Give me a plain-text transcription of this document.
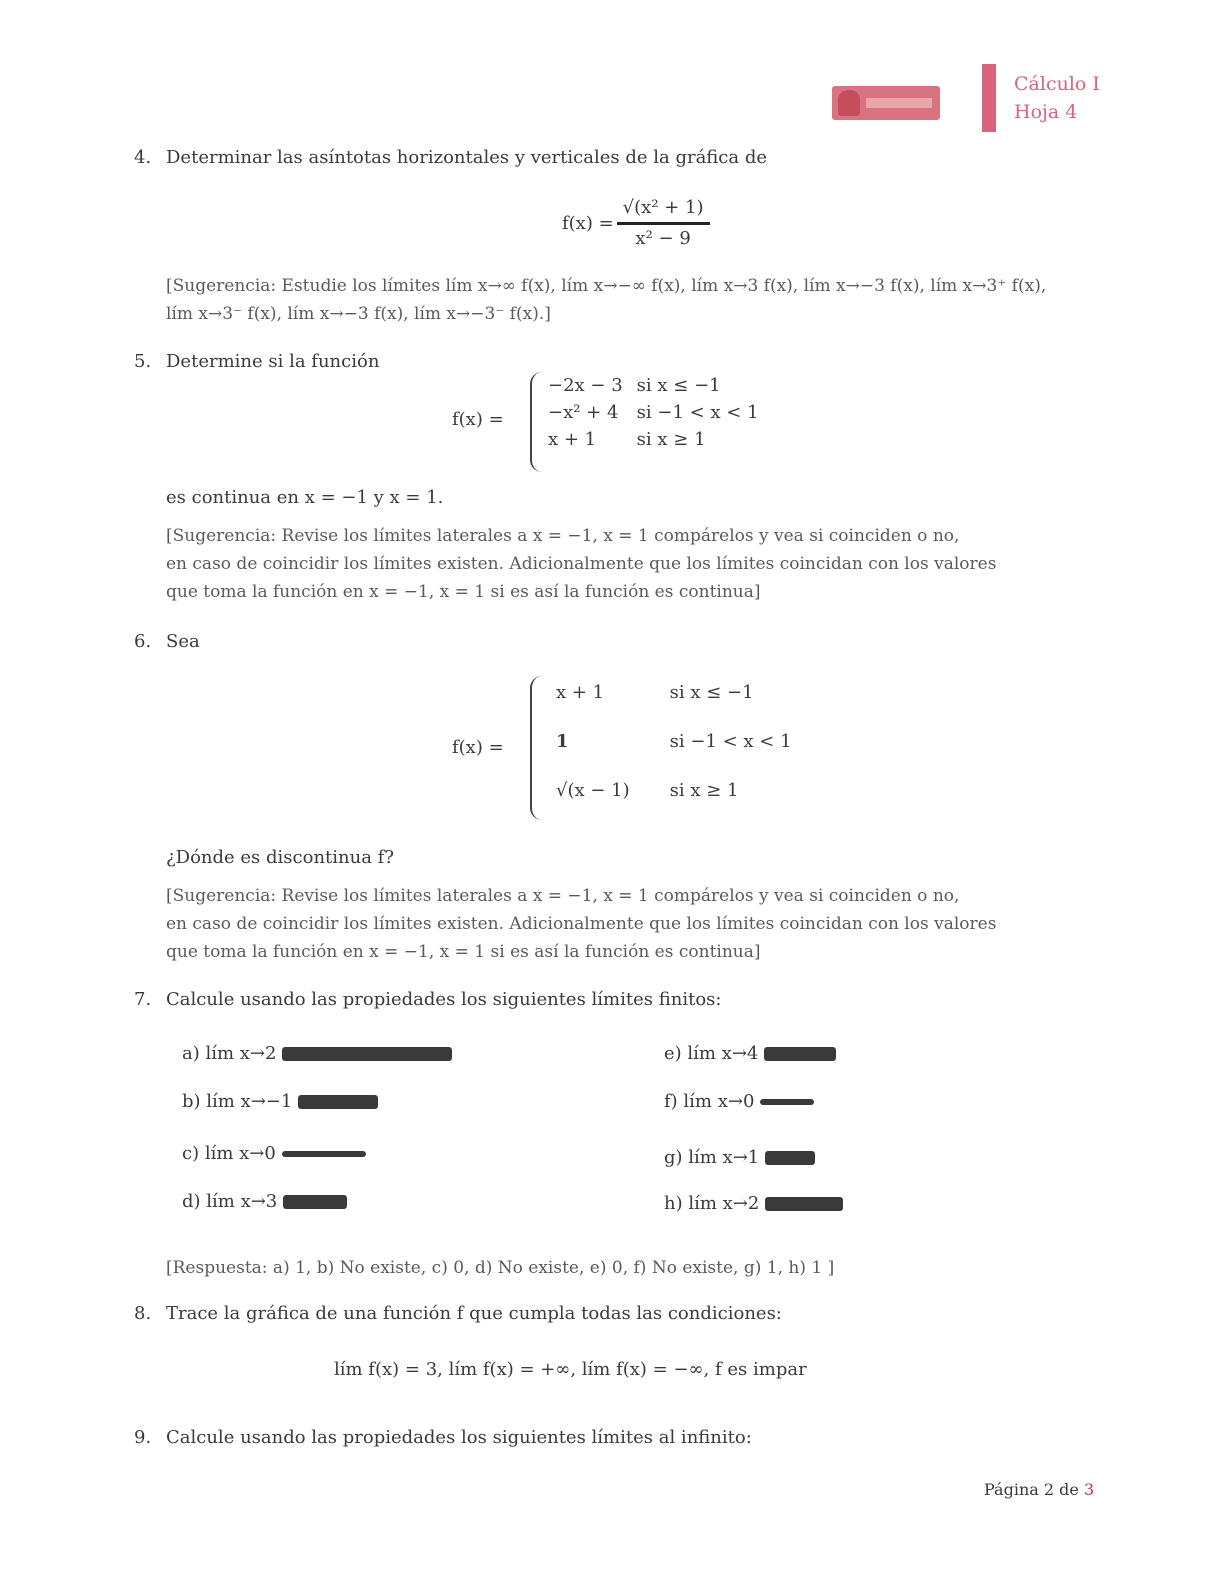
Cálculo I
Hoja 4
4. Determinar las asíntotas horizontales y verticales de la gráfica de
$f(x) = \frac{\text{√(x² + 1)}}{\text{x² − 9}}$
[Sugerencia: Estudie los límites lím x→∞ f(x), lím x→−∞ f(x), lím x→3 f(x), lím x→−3 f(x), lím x→3⁺ f(x),
lím x→3⁻ f(x), lím x→−3 f(x), lím x→−3⁻ f(x).]
5. Determine si la función
f(x) =
−2x − 3	si x ≤ −1
−x² + 4	si −1 < x < 1
x + 1	si x ≥ 1
es continua en x = −1 y x = 1.
[Sugerencia: Revise los límites laterales a x = −1, x = 1 compárelos y vea si coinciden o no,
en caso de coincidir los límites existen. Adicionalmente que los límites coincidan con los valores
que toma la función en x = −1, x = 1 si es así la función es continua]
6. Sea
f(x) =
x + 1	si x ≤ −1
1	si −1 < x < 1
√(x − 1)	si x ≥ 1
¿Dónde es discontinua f?
[Sugerencia: Revise los límites laterales a x = −1, x = 1 compárelos y vea si coinciden o no,
en caso de coincidir los límites existen. Adicionalmente que los límites coincidan con los valores
que toma la función en x = −1, x = 1 si es así la función es continua]
7. Calcule usando las propiedades los siguientes límites finitos:
a) lím x→2
b) lím x→−1
c) lím x→0
d) lím x→3
e) lím x→4
f) lím x→0
g) lím x→1
h) lím x→2
[Respuesta: a) 1, b) No existe, c) 0, d) No existe, e) 0, f) No existe, g) 1, h) 1 ]
8. Trace la gráfica de una función f que cumpla todas las condiciones:
lím f(x) = 3, lím f(x) = +∞, lím f(x) = −∞, f es impar
9. Calcule usando las propiedades los siguientes límites al infinito:
Página 2 de 3
